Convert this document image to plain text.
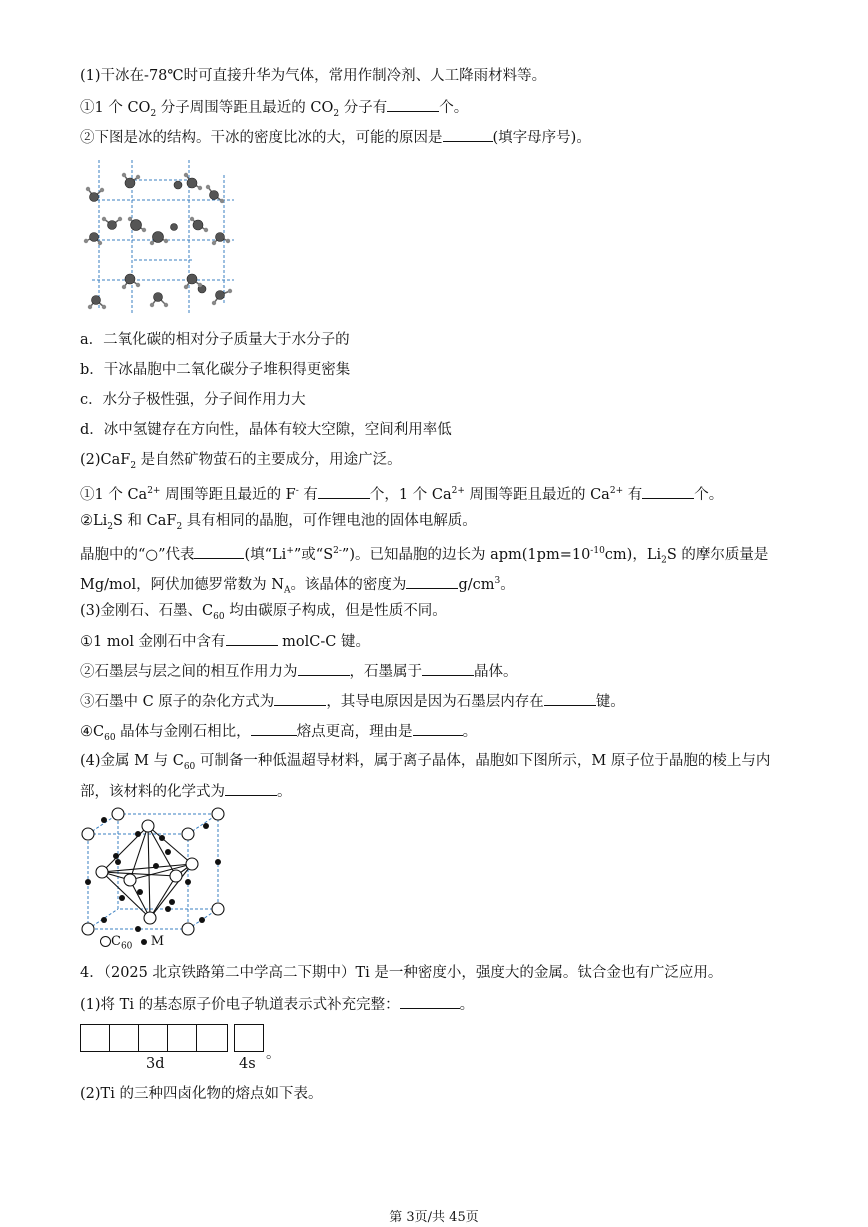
(1)干冰在-78℃时可直接升华为气体，常用作制冷剂、人工降雨材料等。
①1 个 $CO_2$ 分子周围等距且最近的 $CO_2$ 分子有	个。
②下图是冰的结构。干冰的密度比冰的大，可能的原因是	(填字母序号)。
a．二氧化碳的相对分子质量大于水分子的
b．干冰晶胞中二氧化碳分子堆积得更密集
c．水分子极性强，分子间作用力大
d．冰中氢键存在方向性，晶体有较大空隙，空间利用率低
(2)CaF$_2$ 是自然矿物萤石的主要成分，用途广泛。
①1 个 $Ca^{2+}$ 周围等距且最近的 F- 有	个，1 个 $Ca^{2+}$ 周围等距且最近的 $Ca^{2+}$ 有	个。
$②Li_2S$ 和 CaF$_2$ 具有相同的晶胞，可作锂电池的固体电解质。
晶胞中的“○”代表	(填“Li+”或“$S^{2-}$”)。已知晶胞的边长为 $apm(1pm=10^{-10}cm)$，$Li_2S$ 的摩尔质量是
Mg/mol，阿伏加德罗常数为 $N_A$。该晶体的密度为	$g/cm^3$。
(3)金刚石、石墨、$C_{60}$ 均由碳原子构成，但是性质不同。
①1 mol 金刚石中含有	molC-C 键。
②石墨层与层之间的相互作用力为	，石墨属于	晶体。
③石墨中 C 原子的杂化方式为	，其导电原因是因为石墨层内存在	键。
$④C_{60}$ 晶体与金刚石相比，	熔点更高，理由是	。
(4)金属 M 与 $C_{60}$ 可制备一种低温超导材料，属于离子晶体，晶胞如下图所示，M 原子位于晶胞的棱上与内
部，该材料的化学式为	。
$C_{60}$ M
4．（2025 北京铁路第二中学高二下期中）Ti 是一种密度小，强度大的金属。钛合金也有广泛应用。
(1)将 Ti 的基态原子价电子轨道表示式补充完整：	。
。
3d	4s
(2)Ti 的三种四卤化物的熔点如下表。
第 3页/共 45页
